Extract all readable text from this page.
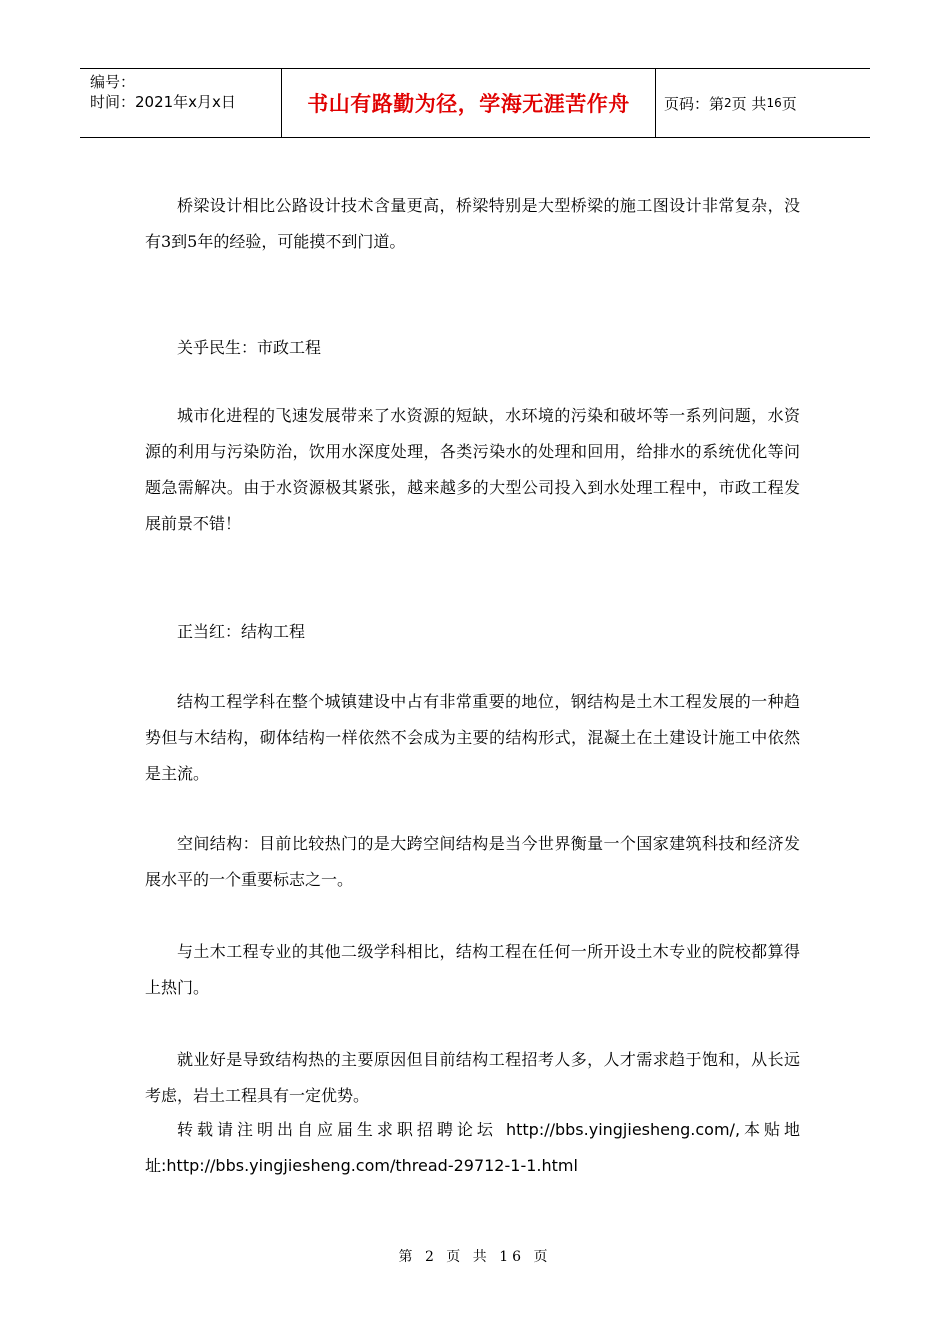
编号：
时间：2021年x月x日	书山有路勤为径，学海无涯苦作舟 页码：第 2 页 共 16 页

桥梁设计相比公路设计技术含量更高，桥梁特别是大型桥梁的施工图设计非常复杂，没有3到5年的经验，可能摸不到门道。

关乎民生：市政工程

城市化进程的飞速发展带来了水资源的短缺，水环境的污染和破坏等一系列问题，水资源的利用与污染防治，饮用水深度处理，各类污染水的处理和回用，给排水的系统优化等问题急需解决。由于水资源极其紧张，越来越多的大型公司投入到水处理工程中，市政工程发展前景不错！

正当红：结构工程

结构工程学科在整个城镇建设中占有非常重要的地位，钢结构是土木工程发展的一种趋势但与木结构，砌体结构一样依然不会成为主要的结构形式，混凝土在土建设计施工中依然是主流。

空间结构：目前比较热门的是大跨空间结构是当今世界衡量一个国家建筑科技和经济发展水平的一个重要标志之一。

与土木工程专业的其他二级学科相比，结构工程在任何一所开设土木专业的院校都算得上热门。

就业好是导致结构热的主要原因但目前结构工程招考人多，人才需求趋于饱和，从长远考虑，岩土工程具有一定优势。

转载请注明出自应届生求职招聘论坛 http://bbs.yingjiesheng.com/,本贴地址:http://bbs.yingjiesheng.com/thread-29712-1-1.html

第 2 页 共 16 页
